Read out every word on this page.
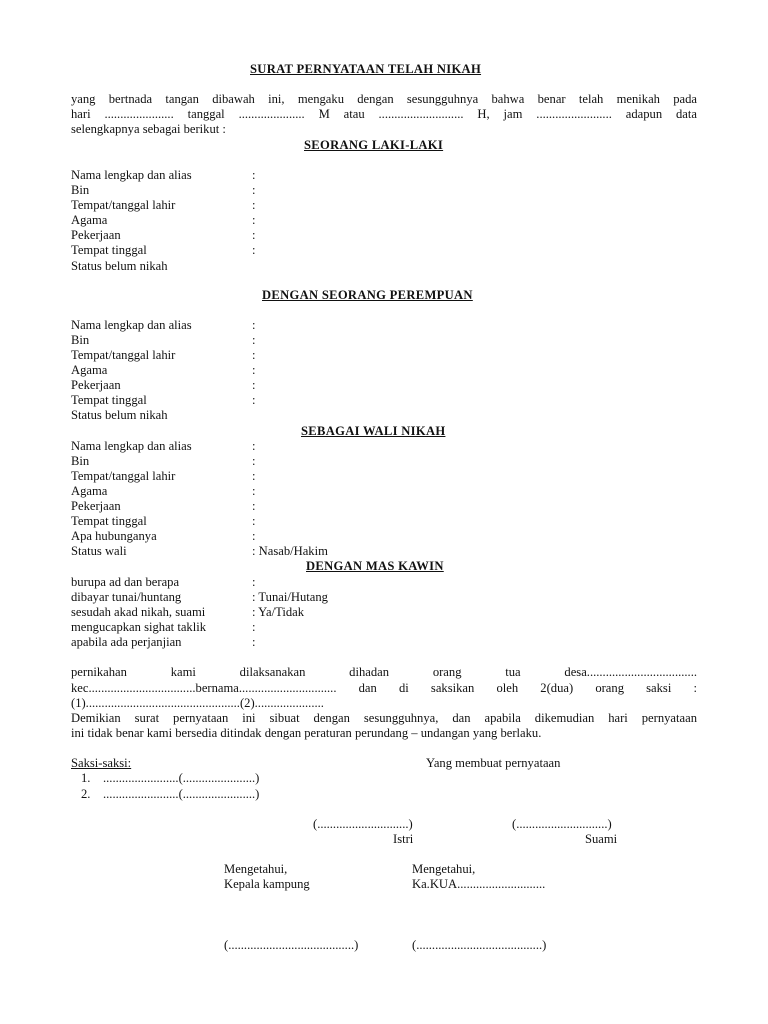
SURAT PERNYATAAN TELAH NIKAH
yang bertnada tangan dibawah ini, mengaku dengan sesungguhnya bahwa benar telah menikah pada
hari ...................... tanggal ..................... M atau ........................... H, jam ........................ adapun data
selengkapnya sebagai berikut :
SEORANG LAKI-LAKI
Nama lengkap dan alias	:
Bin	:
Tempat/tanggal lahir	:
Agama	:
Pekerjaan	:
Tempat tinggal	:
Status belum nikah
DENGAN SEORANG PEREMPUAN
Nama lengkap dan alias	:
Bin	:
Tempat/tanggal lahir	:
Agama	:
Pekerjaan	:
Tempat tinggal	:
Status belum nikah
SEBAGAI WALI NIKAH
Nama lengkap dan alias	:
Bin	:
Tempat/tanggal lahir	:
Agama	:
Pekerjaan	:
Tempat tinggal	:
Apa hubunganya	:
Status wali	: Nasab/Hakim
DENGAN MAS KAWIN
burupa ad dan berapa	:
dibayar tunai/huntang	: Tunai/Hutang
sesudah akad nikah, suami	: Ya/Tidak
mengucapkan sighat taklik	:
apabila ada perjanjian	:
pernikahan kami dilaksanakan dihadan orang tua desa...................................
kec..................................bernama............................... dan di saksikan oleh 2(dua) orang saksi :
(1).................................................(2)......................
Demikian surat pernyataan ini sibuat dengan sesungguhnya, dan apabila dikemudian hari pernyataan
ini tidak benar kami bersedia ditindak dengan peraturan perundang – undangan yang berlaku.
Saksi-saksi:
1. ........................(.......................)
2. ........................(.......................)
Yang membuat pernyataan
(.............................)	(.............................)
Istri	Suami
Mengetahui,
Kepala kampung
Mengetahui,
Ka.KUA............................
(........................................)	(........................................)
